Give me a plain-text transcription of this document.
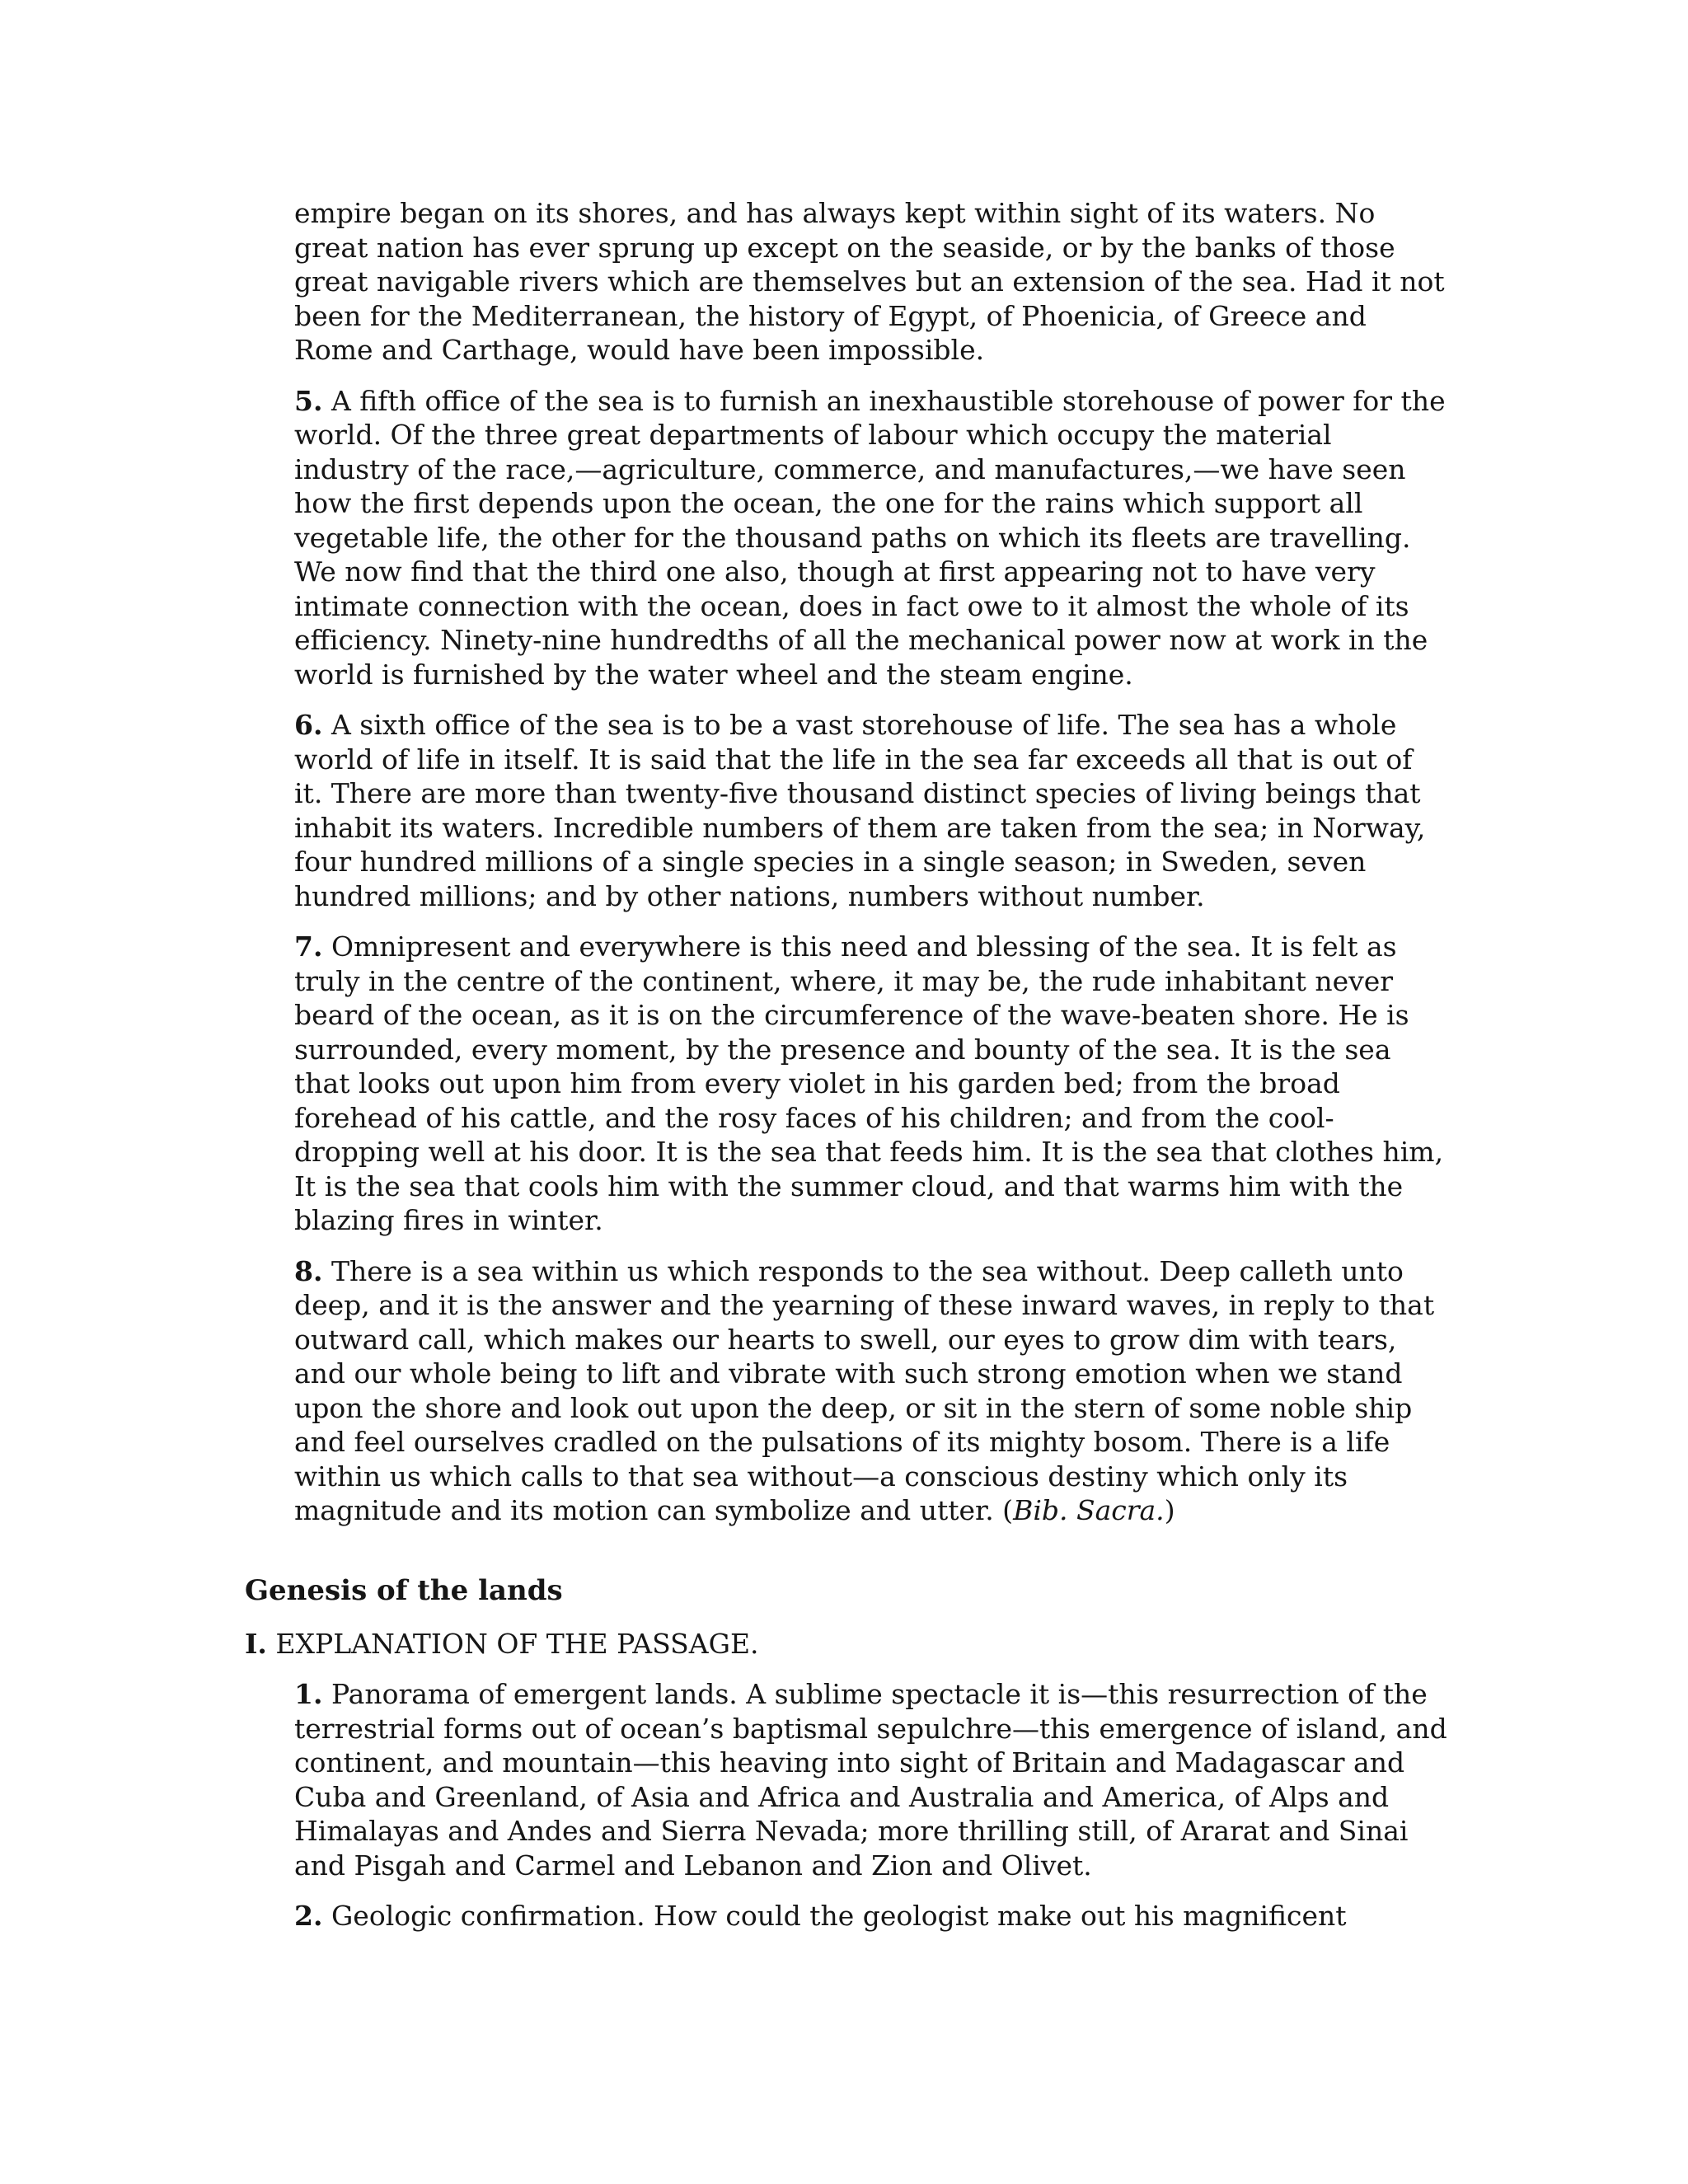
empire began on its shores, and has always kept within sight of its waters. No great nation has ever sprung up except on the seaside, or by the banks of those great navigable rivers which are themselves but an extension of the sea. Had it not been for the Mediterranean, the history of Egypt, of Phoenicia, of Greece and Rome and Carthage, would have been impossible.

5. A fifth office of the sea is to furnish an inexhaustible storehouse of power for the world. Of the three great departments of labour which occupy the material industry of the race,—agriculture, commerce, and manufactures,—we have seen how the first depends upon the ocean, the one for the rains which support all vegetable life, the other for the thousand paths on which its fleets are travelling. We now find that the third one also, though at first appearing not to have very intimate connection with the ocean, does in fact owe to it almost the whole of its efficiency. Ninety-nine hundredths of all the mechanical power now at work in the world is furnished by the water wheel and the steam engine.

6. A sixth office of the sea is to be a vast storehouse of life. The sea has a whole world of life in itself. It is said that the life in the sea far exceeds all that is out of it. There are more than twenty-five thousand distinct species of living beings that inhabit its waters. Incredible numbers of them are taken from the sea; in Norway, four hundred millions of a single species in a single season; in Sweden, seven hundred millions; and by other nations, numbers without number.

7. Omnipresent and everywhere is this need and blessing of the sea. It is felt as truly in the centre of the continent, where, it may be, the rude inhabitant never beard of the ocean, as it is on the circumference of the wave-beaten shore. He is surrounded, every moment, by the presence and bounty of the sea. It is the sea that looks out upon him from every violet in his garden bed; from the broad forehead of his cattle, and the rosy faces of his children; and from the cool-dropping well at his door. It is the sea that feeds him. It is the sea that clothes him, It is the sea that cools him with the summer cloud, and that warms him with the blazing fires in winter.

8. There is a sea within us which responds to the sea without. Deep calleth unto deep, and it is the answer and the yearning of these inward waves, in reply to that outward call, which makes our hearts to swell, our eyes to grow dim with tears, and our whole being to lift and vibrate with such strong emotion when we stand upon the shore and look out upon the deep, or sit in the stern of some noble ship and feel ourselves cradled on the pulsations of its mighty bosom. There is a life within us which calls to that sea without—a conscious destiny which only its magnitude and its motion can symbolize and utter. (Bib. Sacra.)

Genesis of the lands

I. EXPLANATION OF THE PASSAGE.

1. Panorama of emergent lands. A sublime spectacle it is—this resurrection of the terrestrial forms out of ocean’s baptismal sepulchre—this emergence of island, and continent, and mountain—this heaving into sight of Britain and Madagascar and Cuba and Greenland, of Asia and Africa and Australia and America, of Alps and Himalayas and Andes and Sierra Nevada; more thrilling still, of Ararat and Sinai and Pisgah and Carmel and Lebanon and Zion and Olivet.

2. Geologic confirmation. How could the geologist make out his magnificent
